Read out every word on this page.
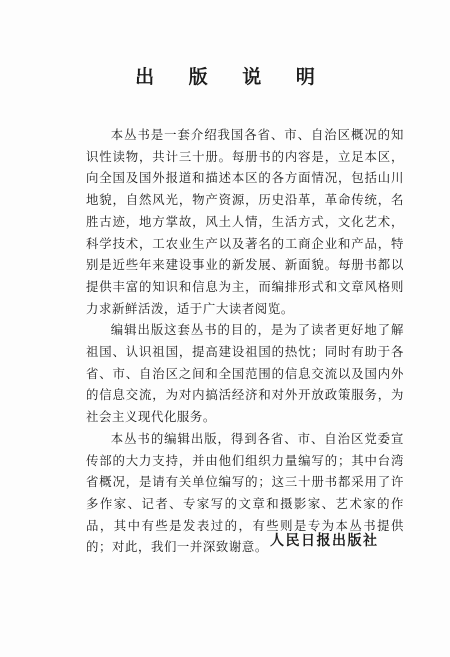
出 版 说 明

本丛书是一套介绍我国各省、市、自治区概况的知识性读物，共计三十册。每册书的内容是，立足本区，向全国及国外报道和描述本区的各方面情况，包括山川地貌，自然风光，物产资源，历史沿革，革命传统，名胜古迹，地方掌故，风土人情，生活方式，文化艺术，科学技术，工农业生产以及著名的工商企业和产品，特别是近些年来建设事业的新发展、新面貌。每册书都以提供丰富的知识和信息为主，而编排形式和文章风格则力求新鲜活泼，适于广大读者阅览。

编辑出版这套丛书的目的，是为了读者更好地了解祖国、认识祖国，提高建设祖国的热忱；同时有助于各省、市、自治区之间和全国范围的信息交流以及国内外的信息交流，为对内搞活经济和对外开放政策服务，为社会主义现代化服务。

本丛书的编辑出版，得到各省、市、自治区党委宣传部的大力支持，并由他们组织力量编写的；其中台湾省概况，是请有关单位编写的；这三十册书都采用了许多作家、记者、专家写的文章和摄影家、艺术家的作品，其中有些是发表过的，有些则是专为本丛书提供的；对此，我们一并深致谢意。 人民日报出版社
